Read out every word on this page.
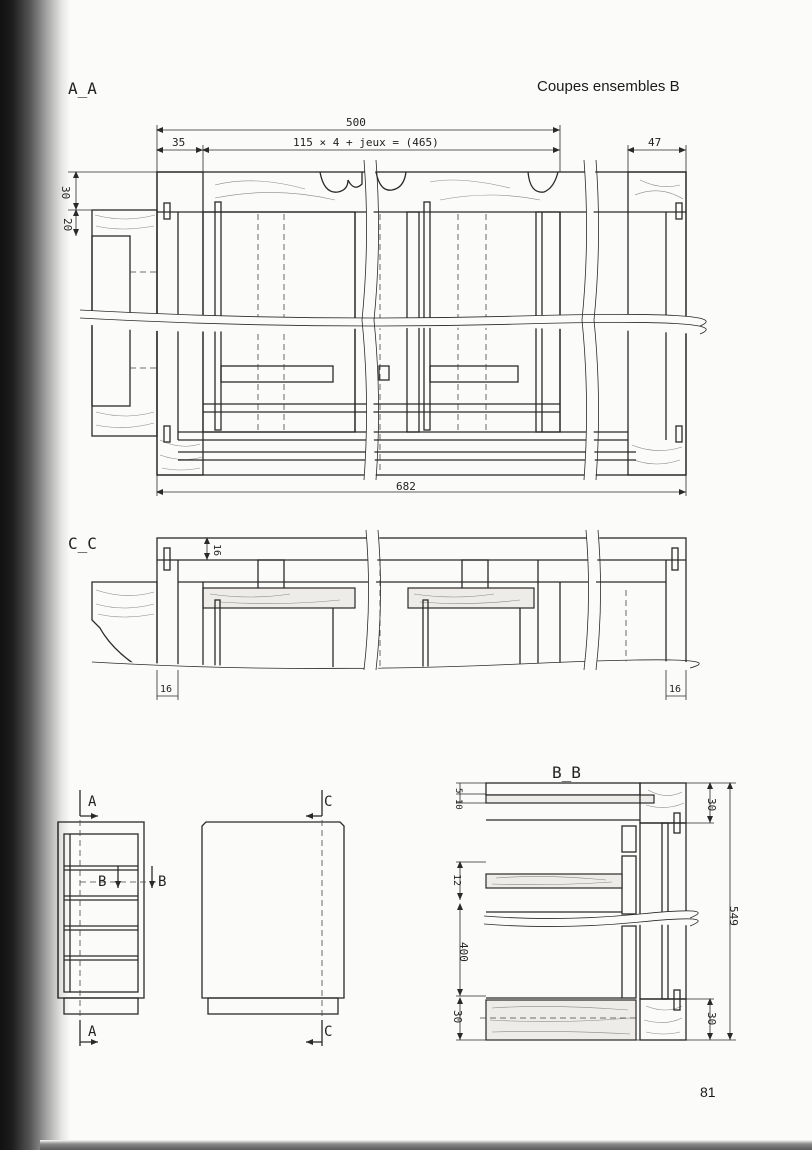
Coupes ensembles B
A_A
500
35	115 × 4 + jeux = (465)	47
30
20
682
C_C	16
16	16
A
A
B	B
C
C
B_B
5 10
12
400
30
30
30
549
81
